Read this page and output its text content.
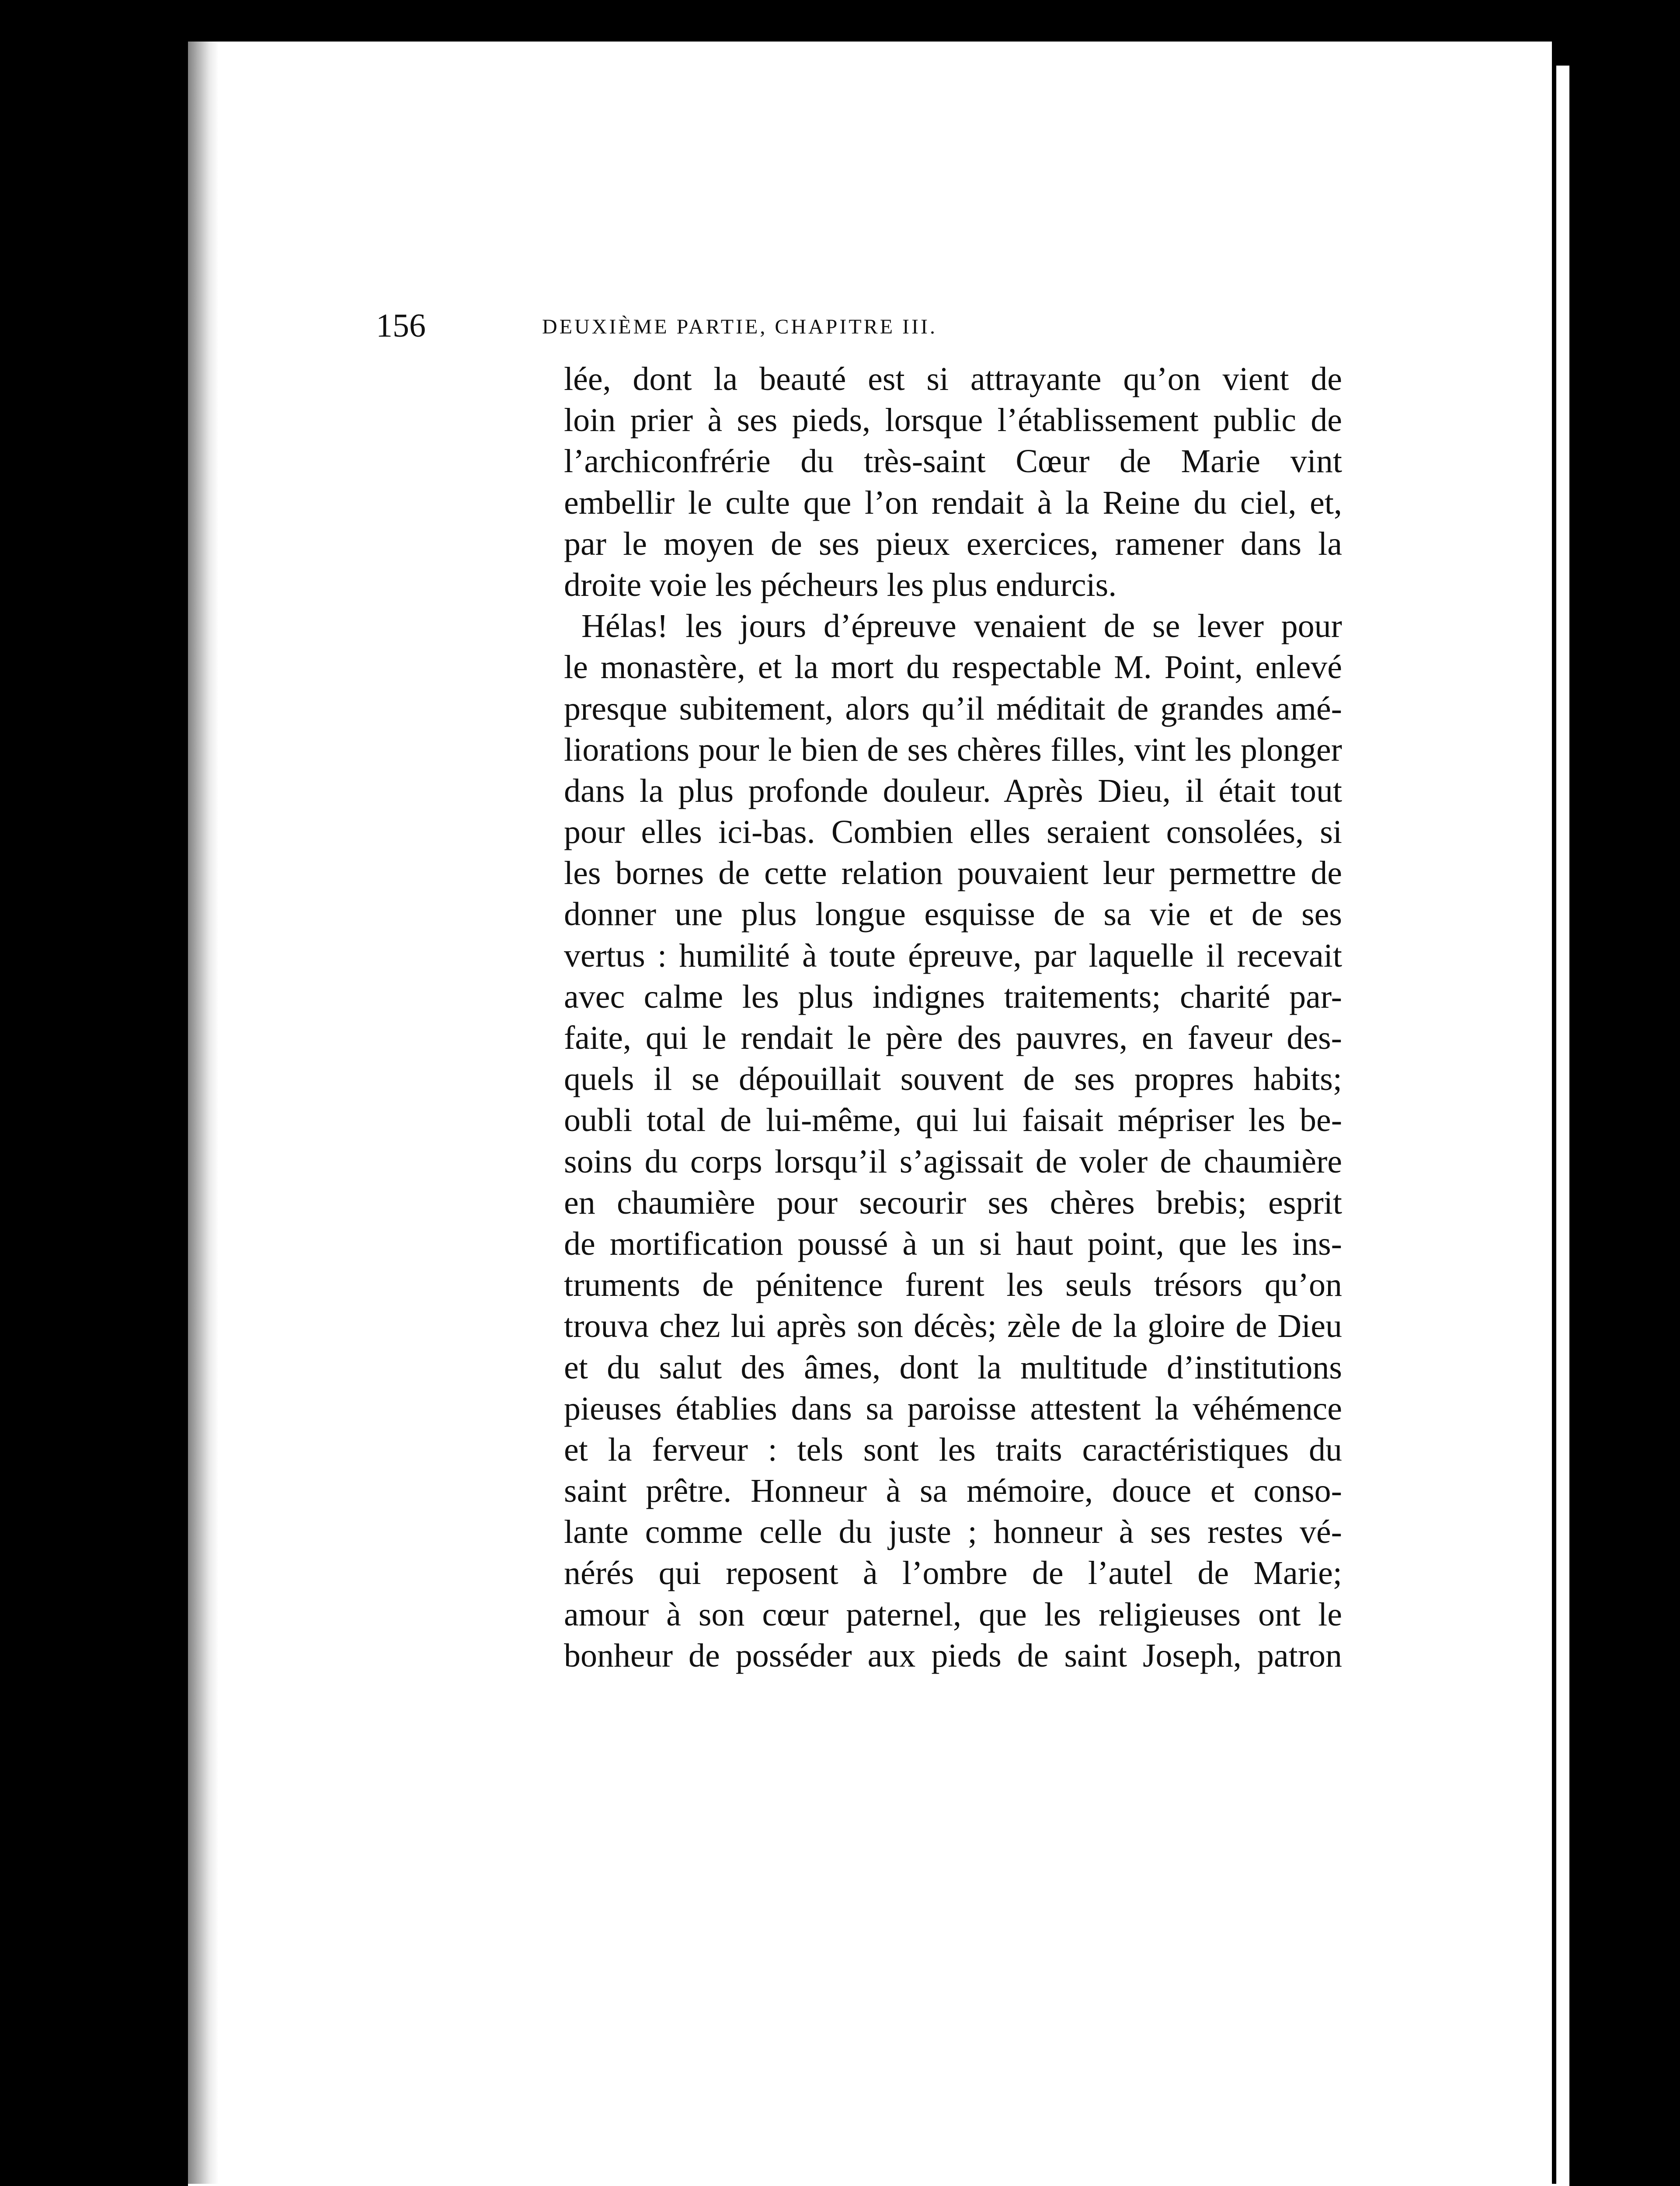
156	DEUXIÈME PARTIE, CHAPITRE III.
lée, dont la beauté est si attrayante qu’on vient de
loin prier à ses pieds, lorsque l’établissement public de
l’archiconfrérie du très-saint Cœur de Marie vint
embellir le culte que l’on rendait à la Reine du ciel, et,
par le moyen de ses pieux exercices, ramener dans la
droite voie les pécheurs les plus endurcis.
Hélas! les jours d’épreuve venaient de se lever pour
le monastère, et la mort du respectable M. Point, enlevé
presque subitement, alors qu’il méditait de grandes amé-
liorations pour le bien de ses chères filles, vint les plonger
dans la plus profonde douleur. Après Dieu, il était tout
pour elles ici-bas. Combien elles seraient consolées, si
les bornes de cette relation pouvaient leur permettre de
donner une plus longue esquisse de sa vie et de ses
vertus : humilité à toute épreuve, par laquelle il recevait
avec calme les plus indignes traitements; charité par-
faite, qui le rendait le père des pauvres, en faveur des-
quels il se dépouillait souvent de ses propres habits;
oubli total de lui-même, qui lui faisait mépriser les be-
soins du corps lorsqu’il s’agissait de voler de chaumière
en chaumière pour secourir ses chères brebis; esprit
de mortification poussé à un si haut point, que les ins-
truments de pénitence furent les seuls trésors qu’on
trouva chez lui après son décès; zèle de la gloire de Dieu
et du salut des âmes, dont la multitude d’institutions
pieuses établies dans sa paroisse attestent la véhémence
et la ferveur : tels sont les traits caractéristiques du
saint prêtre. Honneur à sa mémoire, douce et conso-
lante comme celle du juste ; honneur à ses restes vé-
nérés qui reposent à l’ombre de l’autel de Marie;
amour à son cœur paternel, que les religieuses ont le
bonheur de posséder aux pieds de saint Joseph, patron
